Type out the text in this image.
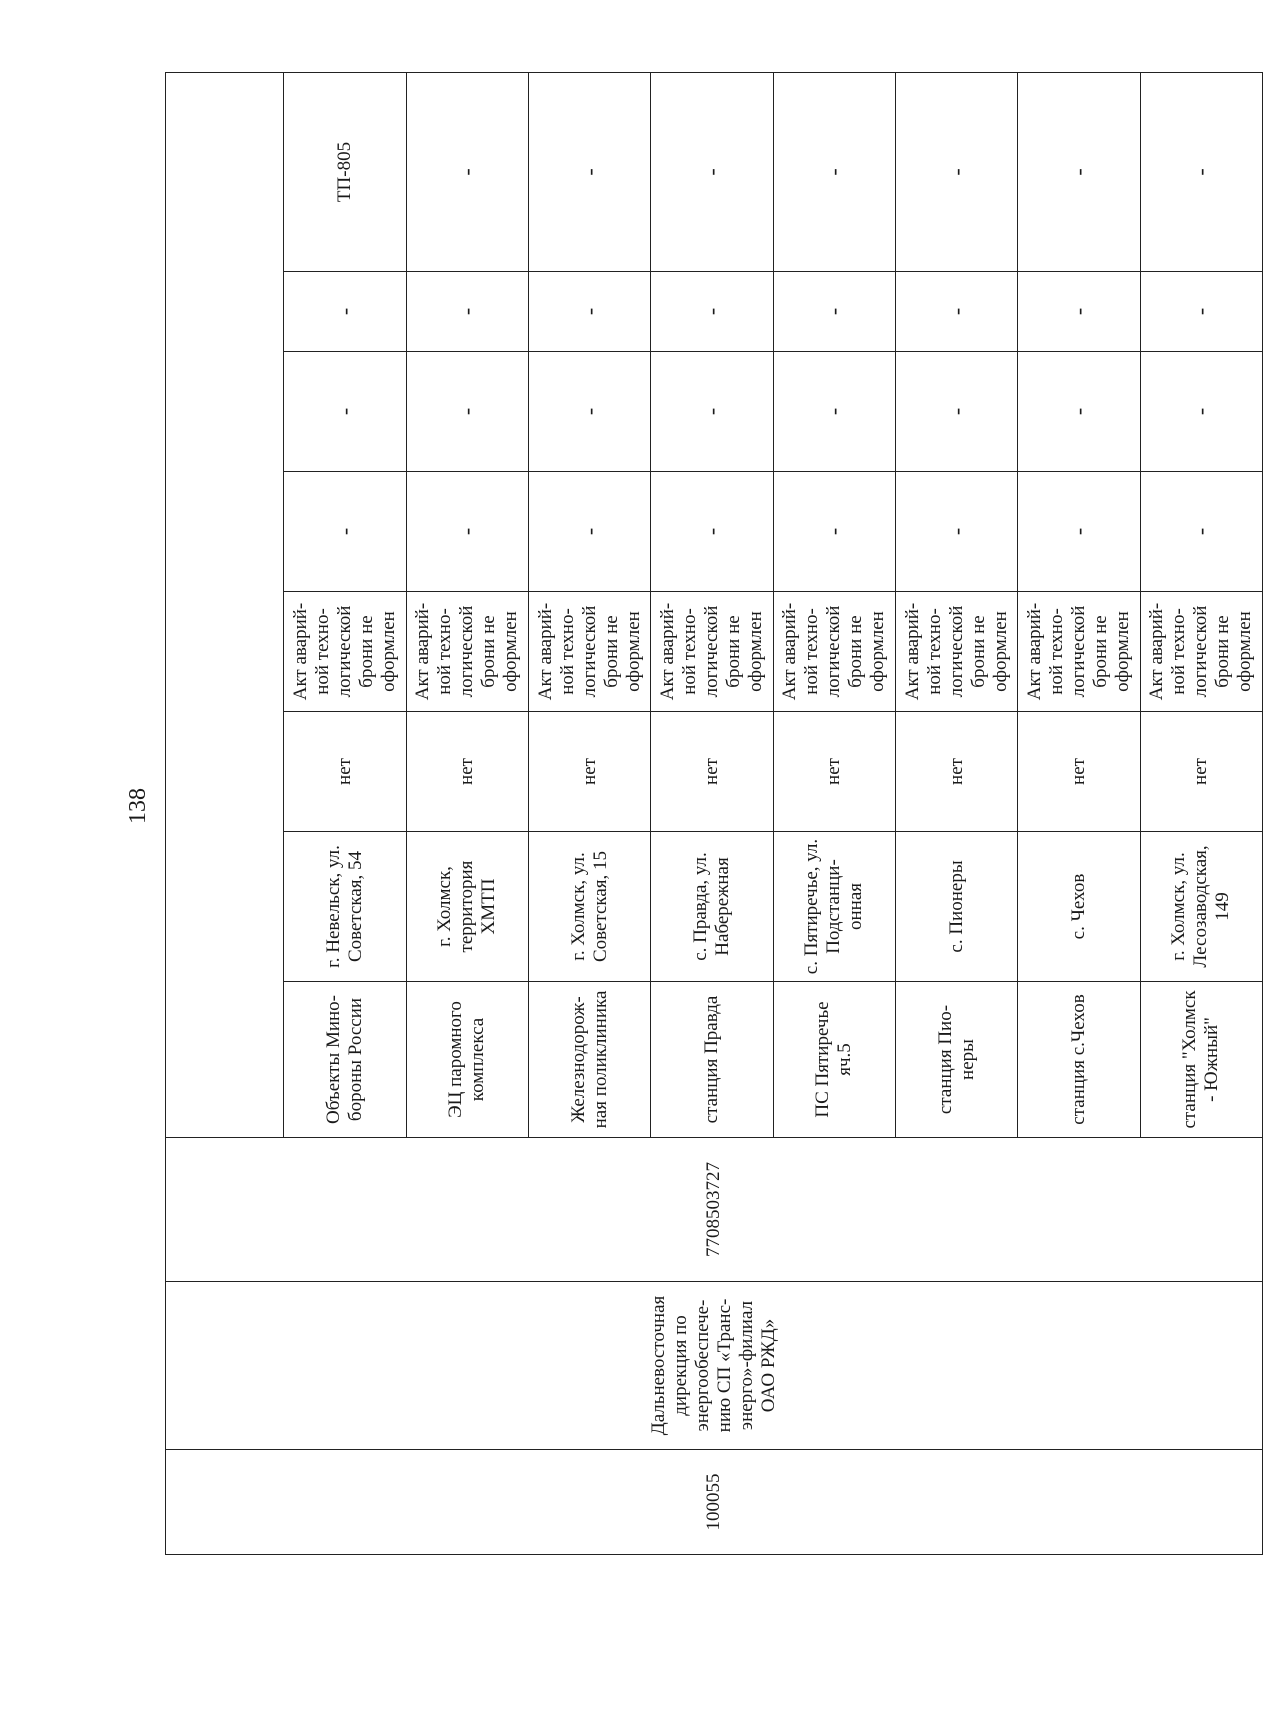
138
100055	Дальневосточная дирекция по энергообеспече-нию СП «Транс-энерго»-филиал ОАО РЖД»	7708503727								
			Объекты Мино-бороны России	г. Невельск, ул. Советская, 54	нет	Акт аварий-ной техно-логической брони не оформлен	-	-	-	ТП-805
			ЭЦ паромного комплекса	г. Холмск, территория ХМТП	нет	Акт аварий-ной техно-логической брони не оформлен	-	-	-	-
			Железнодорож-ная поликлиника	г. Холмск, ул. Советская, 15	нет	Акт аварий-ной техно-логической брони не оформлен	-	-	-	-
			станция Правда	с. Правда, ул. Набережная	нет	Акт аварий-ной техно-логической брони не оформлен	-	-	-	-
			ПС Пятиречье яч.5	с. Пятиречье, ул. Подстанци-онная	нет	Акт аварий-ной техно-логической брони не оформлен	-	-	-	-
			станция Пио-неры	с. Пионеры	нет	Акт аварий-ной техно-логической брони не оформлен	-	-	-	-
			станция с.Чехов	с. Чехов	нет	Акт аварий-ной техно-логической брони не оформлен	-	-	-	-
			станция "Холмск - Южный"	г. Холмск, ул. Лесозаводская, 149	нет	Акт аварий-ной техно-логической брони не оформлен	-	-	-	-
